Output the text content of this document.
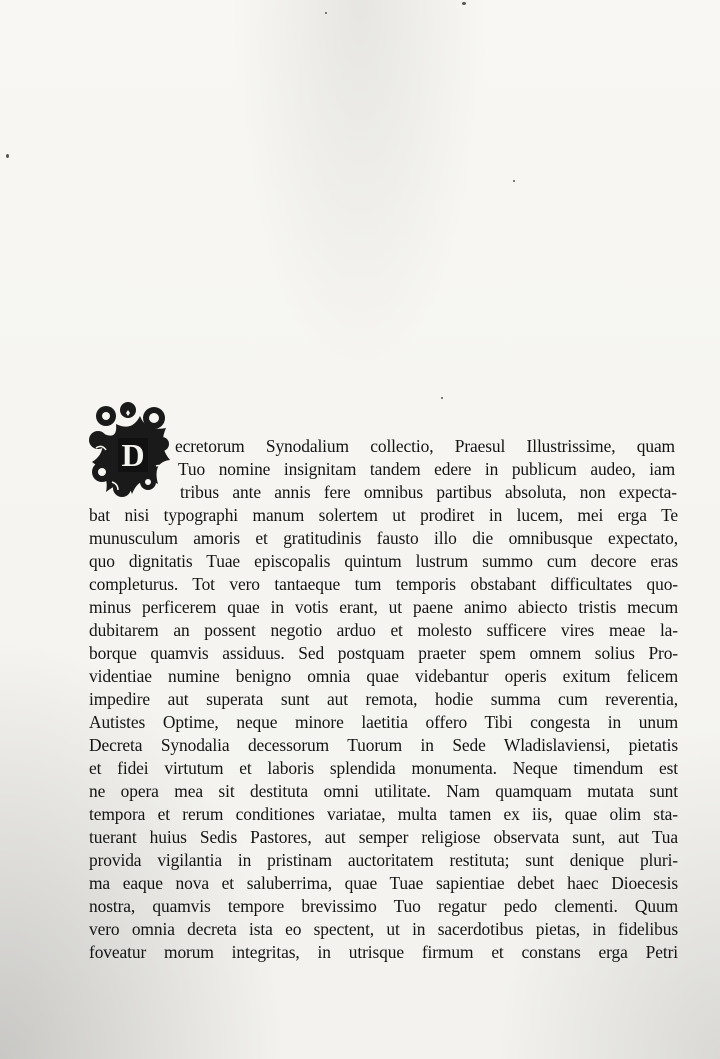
D ecretorum Synodalium collectio, Praesul Illustrissime, quam
Tuo nomine insignitam tandem edere in publicum audeo, iam
tribus ante annis fere omnibus partibus absoluta, non expecta-
bat nisi typographi manum solertem ut prodiret in lucem, mei erga Te
munusculum amoris et gratitudinis fausto illo die omnibusque expectato,
quo dignitatis Tuae episcopalis quintum lustrum summo cum decore eras
completurus. Tot vero tantaeque tum temporis obstabant difficultates quo-
minus perficerem quae in votis erant, ut paene animo abiecto tristis mecum
dubitarem an possent negotio arduo et molesto sufficere vires meae la-
borque quamvis assiduus. Sed postquam praeter spem omnem solius Pro-
videntiae numine benigno omnia quae videbantur operis exitum felicem
impedire aut superata sunt aut remota, hodie summa cum reverentia,
Autistes Optime, neque minore laetitia offero Tibi congesta in unum
Decreta Synodalia decessorum Tuorum in Sede Wladislaviensi, pietatis
et fidei virtutum et laboris splendida monumenta. Neque timendum est
ne opera mea sit destituta omni utilitate. Nam quamquam mutata sunt
tempora et rerum conditiones variatae, multa tamen ex iis, quae olim sta-
tuerant huius Sedis Pastores, aut semper religiose observata sunt, aut Tua
provida vigilantia in pristinam auctoritatem restituta; sunt denique pluri-
ma eaque nova et saluberrima, quae Tuae sapientiae debet haec Dioecesis
nostra, quamvis tempore brevissimo Tuo regatur pedo clementi. Quum
vero omnia decreta ista eo spectent, ut in sacerdotibus pietas, in fidelibus
foveatur morum integritas, in utrisque firmum et constans erga Petri
